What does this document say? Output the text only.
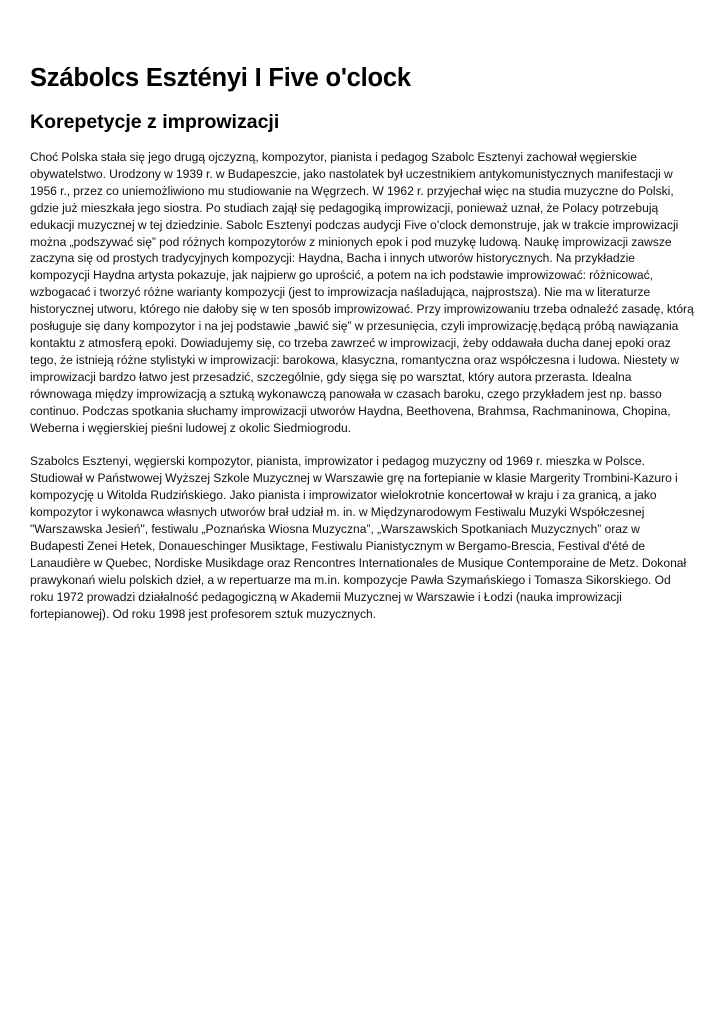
Szábolcs Esztényi I Five o'clock
Korepetycje z improwizacji

Choć Polska stała się jego drugą ojczyzną, kompozytor, pianista i pedagog Szabolc Esztenyi zachował węgierskie obywatelstwo. Urodzony w 1939 r. w Budapeszcie, jako nastolatek był uczestnikiem antykomunistycznych manifestacji w 1956 r., przez co uniemożliwiono mu studiowanie na Węgrzech. W 1962 r. przyjechał więc na studia muzyczne do Polski, gdzie już mieszkała jego siostra. Po studiach zajął się pedagogiką improwizacji, ponieważ uznał, że Polacy potrzebują edukacji muzycznej w tej dziedzinie. Sabolc Esztenyi podczas audycji Five o’clock demonstruje, jak w trakcie improwizacji można „podszywać się” pod różnych kompozytorów z minionych epok i pod muzykę ludową. Naukę improwizacji zawsze zaczyna się od prostych tradycyjnych kompozycji: Haydna, Bacha i innych utworów historycznych. Na przykładzie kompozycji Haydna artysta pokazuje, jak najpierw go uprościć, a potem na ich podstawie improwizować: różnicować, wzbogacać i tworzyć różne warianty kompozycji (jest to improwizacja naśladująca, najprostsza). Nie ma w literaturze historycznej utworu, którego nie dałoby się w ten sposób improwizować. Przy improwizowaniu trzeba odnaleźć zasadę, którą posługuje się dany kompozytor i na jej podstawie „bawić się” w przesunięcia, czyli improwizację,będącą próbą nawiązania kontaktu z atmosferą epoki. Dowiadujemy się, co trzeba zawrzeć w improwizacji, żeby oddawała ducha danej epoki oraz tego, że istnieją różne stylistyki w improwizacji: barokowa, klasyczna, romantyczna oraz współczesna i ludowa. Niestety w improwizacji bardzo łatwo jest przesadzić, szczególnie, gdy sięga się po warsztat, który autora przerasta. Idealna równowaga między improwizacją a sztuką wykonawczą panowała w czasach baroku, czego przykładem jest np. basso continuo. Podczas spotkania słuchamy improwizacji utworów Haydna, Beethovena, Brahmsa, Rachmaninowa, Chopina, Weberna i węgierskiej pieśni ludowej z okolic Siedmiogrodu.

Szabolcs Esztenyi, węgierski kompozytor, pianista, improwizator i pedagog muzyczny od 1969 r. mieszka w Polsce. Studiował w Państwowej Wyższej Szkole Muzycznej w Warszawie grę na fortepianie w klasie Margerity Trombini-Kazuro i kompozycję u Witolda Rudzińskiego. Jako pianista i improwizator wielokrotnie koncertował w kraju i za granicą, a jako kompozytor i wykonawca własnych utworów brał udział m. in. w Międzynarodowym Festiwalu Muzyki Współczesnej "Warszawska Jesień", festiwalu „Poznańska Wiosna Muzyczna”, „Warszawskich Spotkaniach Muzycznych” oraz w Budapesti Zenei Hetek, Donaueschinger Musiktage, Festiwalu Pianistycznym w Bergamo-Brescia, Festival d'été de Lanaudière w Quebec, Nordiske Musikdage oraz Rencontres Internationales de Musique Contemporaine de Metz. Dokonał prawykonań wielu polskich dzieł, a w repertuarze ma m.in. kompozycje Pawła Szymańskiego i Tomasza Sikorskiego. Od roku 1972 prowadzi działalność pedagogiczną w Akademii Muzycznej w Warszawie i Łodzi (nauka improwizacji fortepianowej). Od roku 1998 jest profesorem sztuk muzycznych.
